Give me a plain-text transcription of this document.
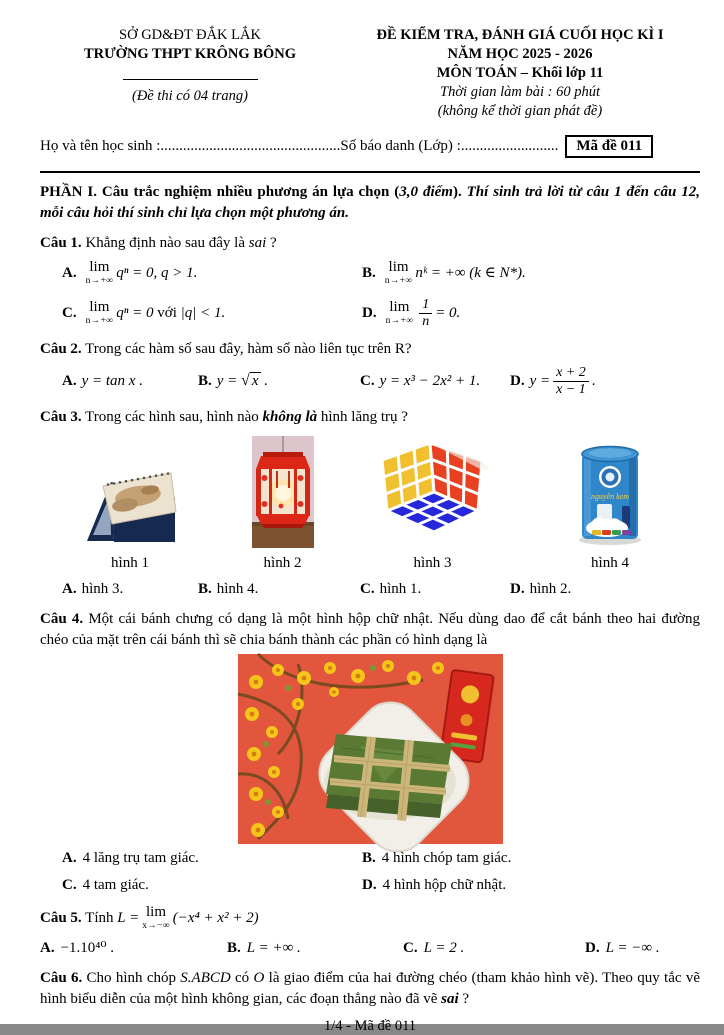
SỞ GD&ĐT ĐẮK LẮK
TRƯỜNG THPT KRÔNG BÔNG
(Đề thi có 04 trang)
ĐỀ KIỂM TRA, ĐÁNH GIÁ CUỐI HỌC KÌ I
NĂM HỌC 2025 - 2026
MÔN TOÁN – Khối lớp 11
Thời gian làm bài : 60 phút
(không kể thời gian phát đề)
Họ và tên học sinh : ................................................ Số báo danh (Lớp) : ..........................	Mã đề 011
PHẦN I. Câu trắc nghiệm nhiều phương án lựa chọn (3,0 điểm). Thí sinh trả lời từ câu 1 đến câu 12, mỗi câu hỏi thí sinh chỉ lựa chọn một phương án.
Câu 1. Khẳng định nào sau đây là sai ?
A. lim
n→+∞
qⁿ = 0, q > 1.	B. lim
n→+∞
nᵏ = +∞ (k ∈ N*).
C. lim
n→+∞
qⁿ = 0 với |q| < 1.	D. lim
$n\to+\infty \frac{1}{n} = 0$.
Câu 2. Trong các hàm số sau đây, hàm số nào liên tục trên R?
A. y = tan x .	B. y = √ x .	C. y = x³ − 2x² + 1. D. $y = \frac{x + 2}{x - 1}$ .
Câu 3. Trong các hình sau, hình nào không là hình lăng trụ ?
hình 1	hình 2	hình 3
nguyên kem
hình 4
A. hình 3.	B. hình 4.	C. hình 1.	D. hình 2.
Câu 4. Một cái bánh chưng có dạng là một hình hộp chữ nhật. Nếu dùng dao để cắt bánh theo hai đường chéo của mặt trên cái bánh thì sẽ chia bánh thành các phần có hình dạng là
A. 4 lăng trụ tam giác.	B. 4 hình chóp tam giác.
C. 4 tam giác.	D. 4 hình hộp chữ nhật.
Câu 5. Tính L = lim
x→−∞
(−x⁴ + x² + 2)
A. −1.10⁴⁰ .	B. L = +∞ .	C. L = 2 .	D. L = −∞ .
Câu 6. Cho hình chóp S.ABCD có O là giao điểm của hai đường chéo (tham khảo hình vẽ). Theo quy tắc vẽ hình biểu diễn của một hình không gian, các đoạn thẳng nào đã vẽ sai ?
1/4 - Mã đề 011
